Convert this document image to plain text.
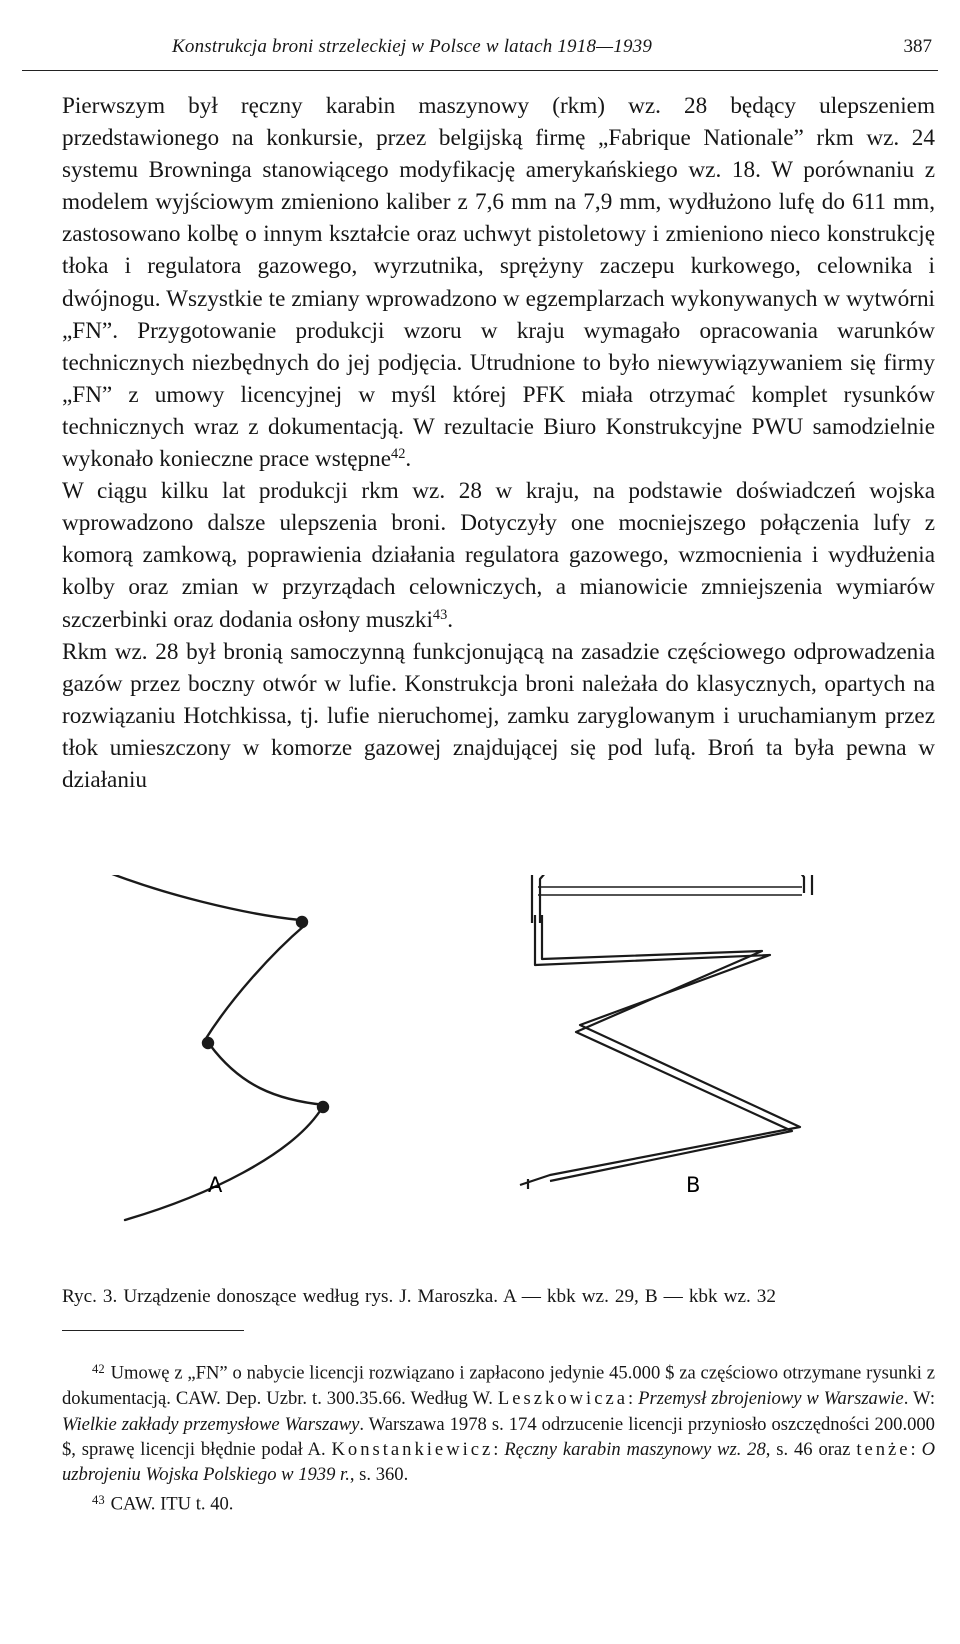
Konstrukcja broni strzeleckiej w Polsce w latach 1918—1939	387

Pierwszym był ręczny karabin maszynowy (rkm) wz. 28 będący ulepszeniem przedstawionego na konkursie, przez belgijską firmę „Fabrique Nationale” rkm wz. 24 systemu Browninga stanowiącego modyfikację amerykańskiego wz. 18. W porównaniu z modelem wyjściowym zmieniono kaliber z 7,6 mm na 7,9 mm, wydłużono lufę do 611 mm, zastosowano kolbę o innym kształcie oraz uchwyt pistoletowy i zmieniono nieco konstrukcję tłoka i regulatora gazowego, wyrzutnika, sprężyny zaczepu kurkowego, celownika i dwójnogu. Wszystkie te zmiany wprowadzono w egzemplarzach wykonywanych w wytwórni „FN”. Przygotowanie produkcji wzoru w kraju wymagało opracowania warunków technicznych niezbędnych do jej podjęcia. Utrudnione to było niewywiązywaniem się firmy „FN” z umowy licencyjnej w myśl której PFK miała otrzymać komplet rysunków technicznych wraz z dokumentacją. W rezultacie Biuro Konstrukcyjne PWU samodzielnie wykonało konieczne prace wstępne$^{42}$.

W ciągu kilku lat produkcji rkm wz. 28 w kraju, na podstawie doświadczeń wojska wprowadzono dalsze ulepszenia broni. Dotyczyły one mocniejszego połączenia lufy z komorą zamkową, poprawienia działania regulatora gazowego, wzmocnienia i wydłużenia kolby oraz zmian w przyrządach celowniczych, a mianowicie zmniejszenia wymiarów szczerbinki oraz dodania osłony muszki$^{43}$.

Rkm wz. 28 był bronią samoczynną funkcjonującą na zasadzie częściowego odprowadzenia gazów przez boczny otwór w lufie. Konstrukcja broni należała do klasycznych, opartych na rozwiązaniu Hotchkissa, tj. lufie nieruchomej, zamku zaryglowanym i uruchamianym przez tłok umieszczony w komorze gazowej znajdującej się pod lufą. Broń ta była pewna w działaniu

A	B
Ryc. 3. Urządzenie donoszące według rys. J. Maroszka. A — kbk wz. 29, B — kbk wz. 32

$^{42}$ Umowę z „FN” o nabycie licencji rozwiązano i zapłacono jedynie 45.000 $ za częściowo otrzymane rysunki z dokumentacją. CAW. Dep. Uzbr. t. 300.35.66. Według W. Leszkowicza: Przemysł zbrojeniowy w Warszawie. W: Wielkie zakłady przemysłowe Warszawy. Warszawa 1978 s. 174 odrzucenie licencji przyniosło oszczędności 200.000 $, sprawę licencji błędnie podał A. Konstankiewicz: Ręczny karabin maszynowy wz. 28, s. 46 oraz tenże: O uzbrojeniu Wojska Polskiego w 1939 r., s. 360.

$^{43}$ CAW. ITU t. 40.
